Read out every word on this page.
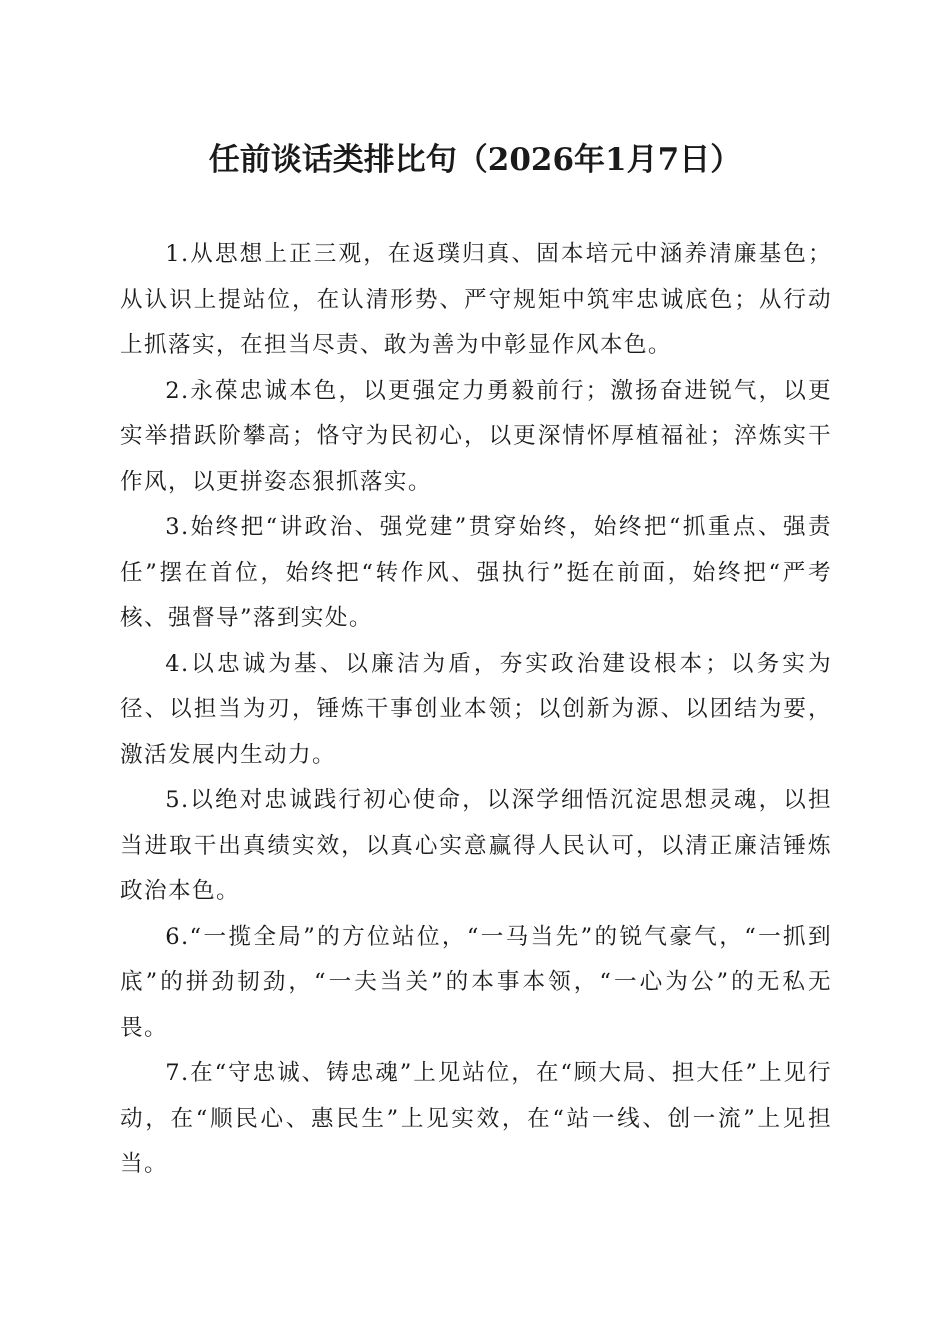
任前谈话类排比句（2026年1月7日）

1.从思想上正三观，在返璞归真、固本培元中涵养清廉基色；从认识上提站位，在认清形势、严守规矩中筑牢忠诚底色；从行动上抓落实，在担当尽责、敢为善为中彰显作风本色。

2.永葆忠诚本色，以更强定力勇毅前行；激扬奋进锐气，以更实举措跃阶攀高；恪守为民初心，以更深情怀厚植福祉；淬炼实干作风，以更拼姿态狠抓落实。

3.始终把“讲政治、强党建”贯穿始终，始终把“抓重点、强责任”摆在首位，始终把“转作风、强执行”挺在前面，始终把“严考核、强督导”落到实处。

4.以忠诚为基、以廉洁为盾，夯实政治建设根本；以务实为径、以担当为刃，锤炼干事创业本领；以创新为源、以团结为要，激活发展内生动力。

5.以绝对忠诚践行初心使命，以深学细悟沉淀思想灵魂，以担当进取干出真绩实效，以真心实意赢得人民认可，以清正廉洁锤炼政治本色。

6.“一揽全局”的方位站位，“一马当先”的锐气豪气，“一抓到底”的拼劲韧劲，“一夫当关”的本事本领，“一心为公”的无私无畏。

7.在“守忠诚、铸忠魂”上见站位，在“顾大局、担大任”上见行动，在“顺民心、惠民生”上见实效，在“站一线、创一流”上见担当。
